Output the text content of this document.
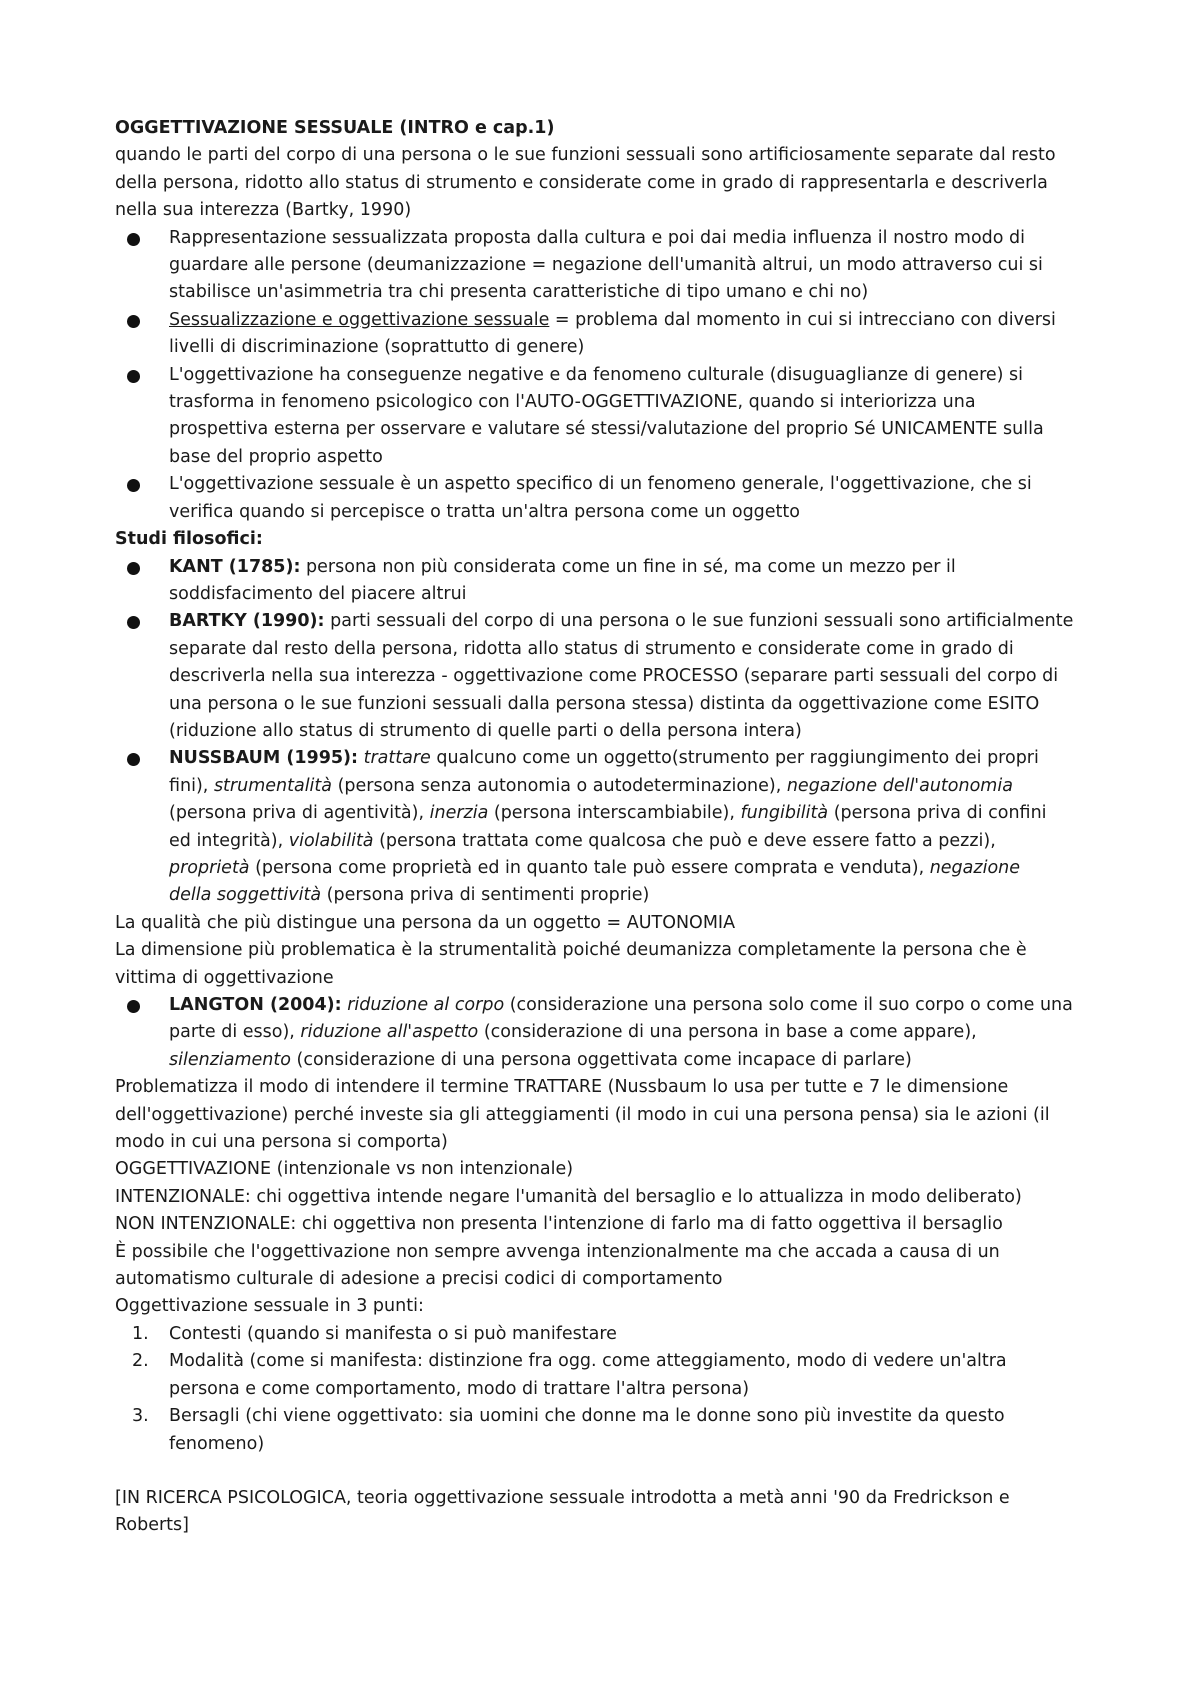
OGGETTIVAZIONE SESSUALE (INTRO e cap.1)
quando le parti del corpo di una persona o le sue funzioni sessuali sono artificiosamente separate dal resto
della persona, ridotto allo status di strumento e considerate come in grado di rappresentarla e descriverla
nella sua interezza (Bartky, 1990)
Rappresentazione sessualizzata proposta dalla cultura e poi dai media influenza il nostro modo di
guardare alle persone (deumanizzazione = negazione dell'umanità altrui, un modo attraverso cui si
stabilisce un'asimmetria tra chi presenta caratteristiche di tipo umano e chi no)
Sessualizzazione e oggettivazione sessuale = problema dal momento in cui si intrecciano con diversi
livelli di discriminazione (soprattutto di genere)
L'oggettivazione ha conseguenze negative e da fenomeno culturale (disuguaglianze di genere) si
trasforma in fenomeno psicologico con l'AUTO-OGGETTIVAZIONE, quando si interiorizza una
prospettiva esterna per osservare e valutare sé stessi/valutazione del proprio Sé UNICAMENTE sulla
base del proprio aspetto
L'oggettivazione sessuale è un aspetto specifico di un fenomeno generale, l'oggettivazione, che si
verifica quando si percepisce o tratta un'altra persona come un oggetto
Studi filosofici:
KANT (1785): persona non più considerata come un fine in sé, ma come un mezzo per il
soddisfacimento del piacere altrui
BARTKY (1990): parti sessuali del corpo di una persona o le sue funzioni sessuali sono artificialmente
separate dal resto della persona, ridotta allo status di strumento e considerate come in grado di
descriverla nella sua interezza - oggettivazione come PROCESSO (separare parti sessuali del corpo di
una persona o le sue funzioni sessuali dalla persona stessa) distinta da oggettivazione come ESITO
(riduzione allo status di strumento di quelle parti o della persona intera)
NUSSBAUM (1995): trattare qualcuno come un oggetto(strumento per raggiungimento dei propri
fini), strumentalità (persona senza autonomia o autodeterminazione), negazione dell'autonomia
(persona priva di agentività), inerzia (persona interscambiabile), fungibilità (persona priva di confini
ed integrità), violabilità (persona trattata come qualcosa che può e deve essere fatto a pezzi),
proprietà (persona come proprietà ed in quanto tale può essere comprata e venduta), negazione
della soggettività (persona priva di sentimenti proprie)
La qualità che più distingue una persona da un oggetto = AUTONOMIA
La dimensione più problematica è la strumentalità poiché deumanizza completamente la persona che è
vittima di oggettivazione
LANGTON (2004): riduzione al corpo (considerazione una persona solo come il suo corpo o come una
parte di esso), riduzione all'aspetto (considerazione di una persona in base a come appare),
silenziamento (considerazione di una persona oggettivata come incapace di parlare)
Problematizza il modo di intendere il termine TRATTARE (Nussbaum lo usa per tutte e 7 le dimensione
dell'oggettivazione) perché investe sia gli atteggiamenti (il modo in cui una persona pensa) sia le azioni (il
modo in cui una persona si comporta)
OGGETTIVAZIONE (intenzionale vs non intenzionale)
INTENZIONALE: chi oggettiva intende negare l'umanità del bersaglio e lo attualizza in modo deliberato)
NON INTENZIONALE: chi oggettiva non presenta l'intenzione di farlo ma di fatto oggettiva il bersaglio
È possibile che l'oggettivazione non sempre avvenga intenzionalmente ma che accada a causa di un
automatismo culturale di adesione a precisi codici di comportamento
Oggettivazione sessuale in 3 punti:
1. Contesti (quando si manifesta o si può manifestare
2. Modalità (come si manifesta: distinzione fra ogg. come atteggiamento, modo di vedere un'altra
persona e come comportamento, modo di trattare l'altra persona)
3. Bersagli (chi viene oggettivato: sia uomini che donne ma le donne sono più investite da questo
fenomeno)
[IN RICERCA PSICOLOGICA, teoria oggettivazione sessuale introdotta a metà anni '90 da Fredrickson e
Roberts]
